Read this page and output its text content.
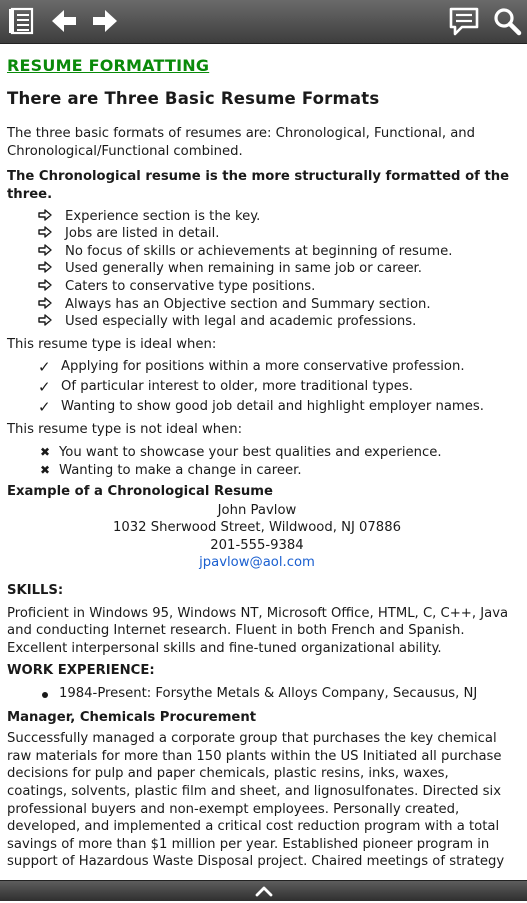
RESUME FORMATTING
There are Three Basic Resume Formats

The three basic formats of resumes are: Chronological, Functional, and Chronological/Functional combined.

The Chronological resume is the more structurally formatted of the three.

Experience section is the key.
Jobs are listed in detail.
No focus of skills or achievements at beginning of resume.
Used generally when remaining in same job or career.
Caters to conservative type positions.
Always has an Objective section and Summary section.
Used especially with legal and academic professions.

This resume type is ideal when:

✓ Applying for positions within a more conservative profession.
✓ Of particular interest to older, more traditional types.
✓ Wanting to show good job detail and highlight employer names.

This resume type is not ideal when:

✖ You want to showcase your best qualities and experience.
✖ Wanting to make a change in career.

Example of a Chronological Resume

John Pavlow
1032 Sherwood Street, Wildwood, NJ 07886
201-555-9384
jpavlow@aol.com

SKILLS:

Proficient in Windows 95, Windows NT, Microsoft Office, HTML, C, C++, Java and conducting Internet research. Fluent in both French and Spanish. Excellent interpersonal skills and fine-tuned organizational ability.

WORK EXPERIENCE:

1984-Present: Forsythe Metals & Alloys Company, Secausus, NJ

Manager, Chemicals Procurement

Successfully managed a corporate group that purchases the key chemical raw materials for more than 150 plants within the US Initiated all purchase decisions for pulp and paper chemicals, plastic resins, inks, waxes, coatings, solvents, plastic film and sheet, and lignosulfonates. Directed six professional buyers and non-exempt employees. Personally created, developed, and implemented a critical cost reduction program with a total savings of more than $1 million per year. Established pioneer program in support of Hazardous Waste Disposal project. Chaired meetings of strategy
